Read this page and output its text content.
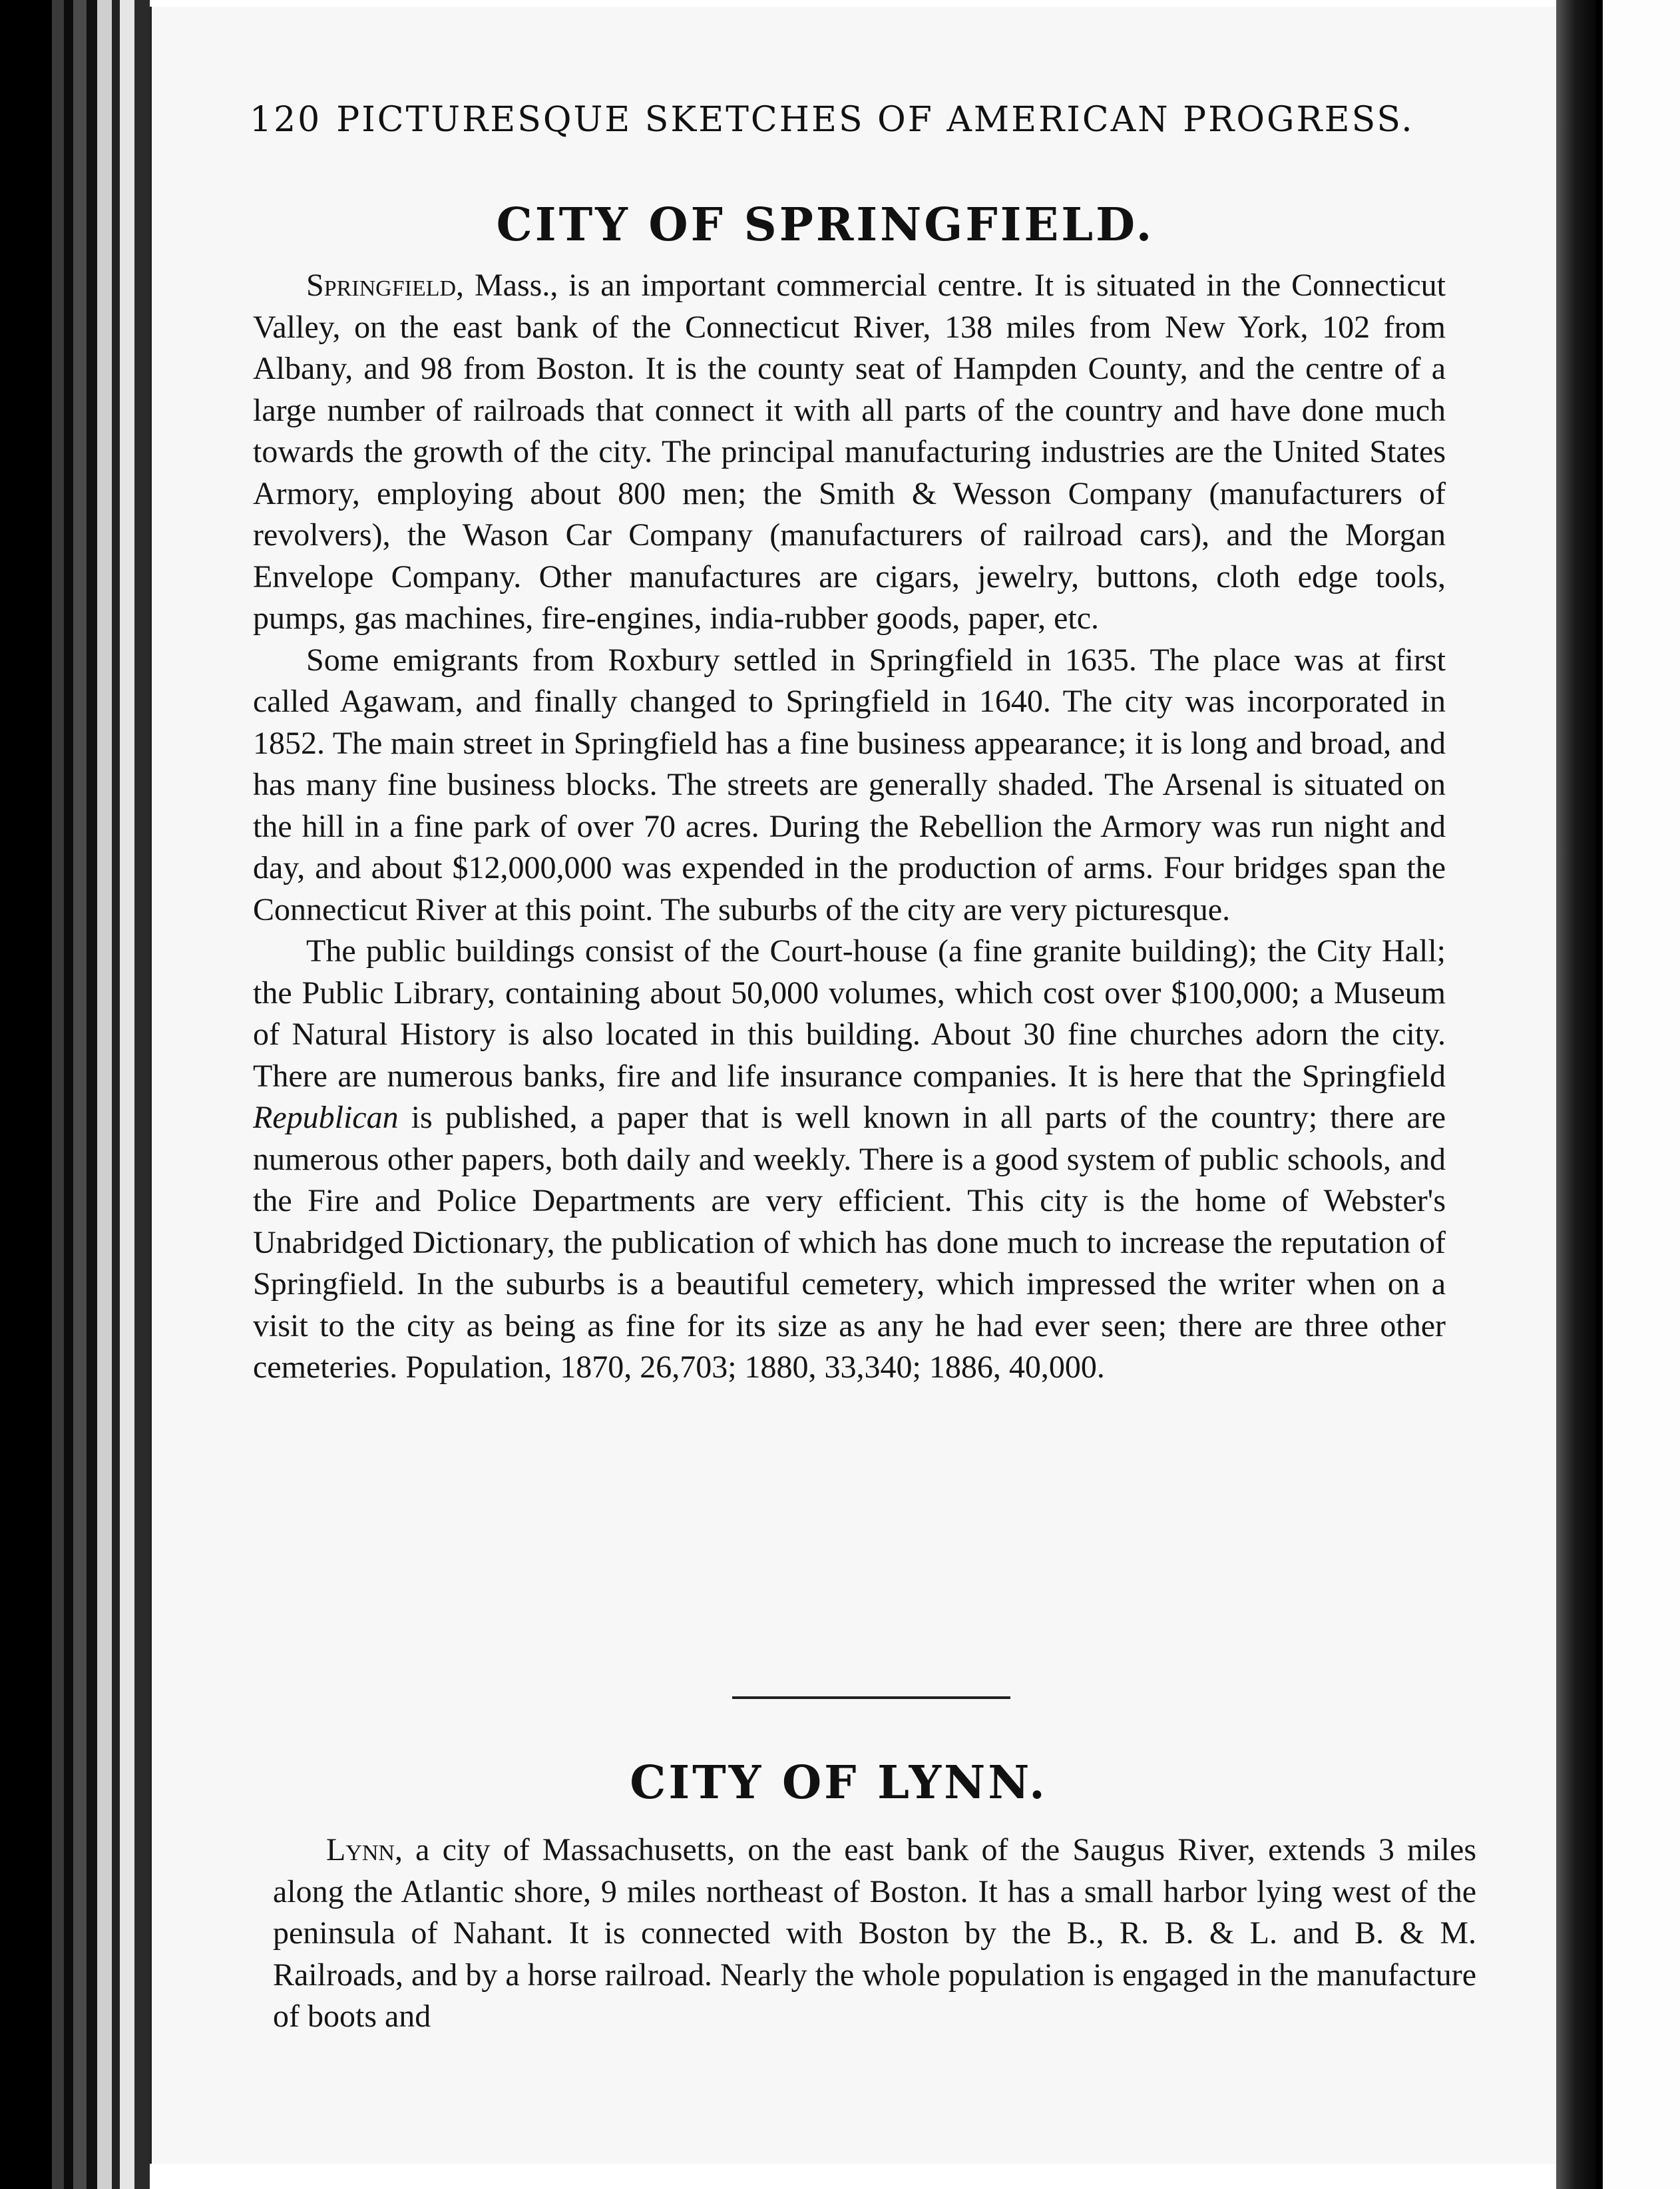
120 PICTURESQUE SKETCHES OF AMERICAN PROGRESS.
CITY OF SPRINGFIELD.

Springfield, Mass., is an important commercial centre. It is situated in the Connecticut Valley, on the east bank of the Connecticut River, 138 miles from New York, 102 from Albany, and 98 from Boston. It is the county seat of Hampden County, and the centre of a large number of railroads that connect it with all parts of the country and have done much towards the growth of the city. The principal manufacturing industries are the United States Armory, employing about 800 men; the Smith & Wesson Company (manufacturers of revolvers), the Wason Car Company (manufacturers of railroad cars), and the Morgan Envelope Company. Other manufactures are cigars, jewelry, buttons, cloth edge tools, pumps, gas machines, fire-engines, india-rubber goods, paper, etc.

Some emigrants from Roxbury settled in Springfield in 1635. The place was at first called Agawam, and finally changed to Springfield in 1640. The city was incorporated in 1852. The main street in Springfield has a fine business appearance; it is long and broad, and has many fine business blocks. The streets are generally shaded. The Arsenal is situated on the hill in a fine park of over 70 acres. During the Rebellion the Armory was run night and day, and about $12,000,000 was expended in the production of arms. Four bridges span the Connecticut River at this point. The suburbs of the city are very picturesque.

The public buildings consist of the Court-house (a fine granite building); the City Hall; the Public Library, containing about 50,000 volumes, which cost over $100,000; a Museum of Natural History is also located in this building. About 30 fine churches adorn the city. There are numerous banks, fire and life insurance companies. It is here that the Springfield Republican is published, a paper that is well known in all parts of the country; there are numerous other papers, both daily and weekly. There is a good system of public schools, and the Fire and Police Departments are very efficient. This city is the home of Webster's Unabridged Dictionary, the publication of which has done much to increase the reputation of Springfield. In the suburbs is a beautiful cemetery, which impressed the writer when on a visit to the city as being as fine for its size as any he had ever seen; there are three other cemeteries. Population, 1870, 26,703; 1880, 33,340; 1886, 40,000.

CITY OF LYNN.

Lynn, a city of Massachusetts, on the east bank of the Saugus River, extends 3 miles along the Atlantic shore, 9 miles northeast of Boston. It has a small harbor lying west of the peninsula of Nahant. It is connected with Boston by the B., R. B. & L. and B. & M. Railroads, and by a horse railroad. Nearly the whole population is engaged in the manufacture of boots and
